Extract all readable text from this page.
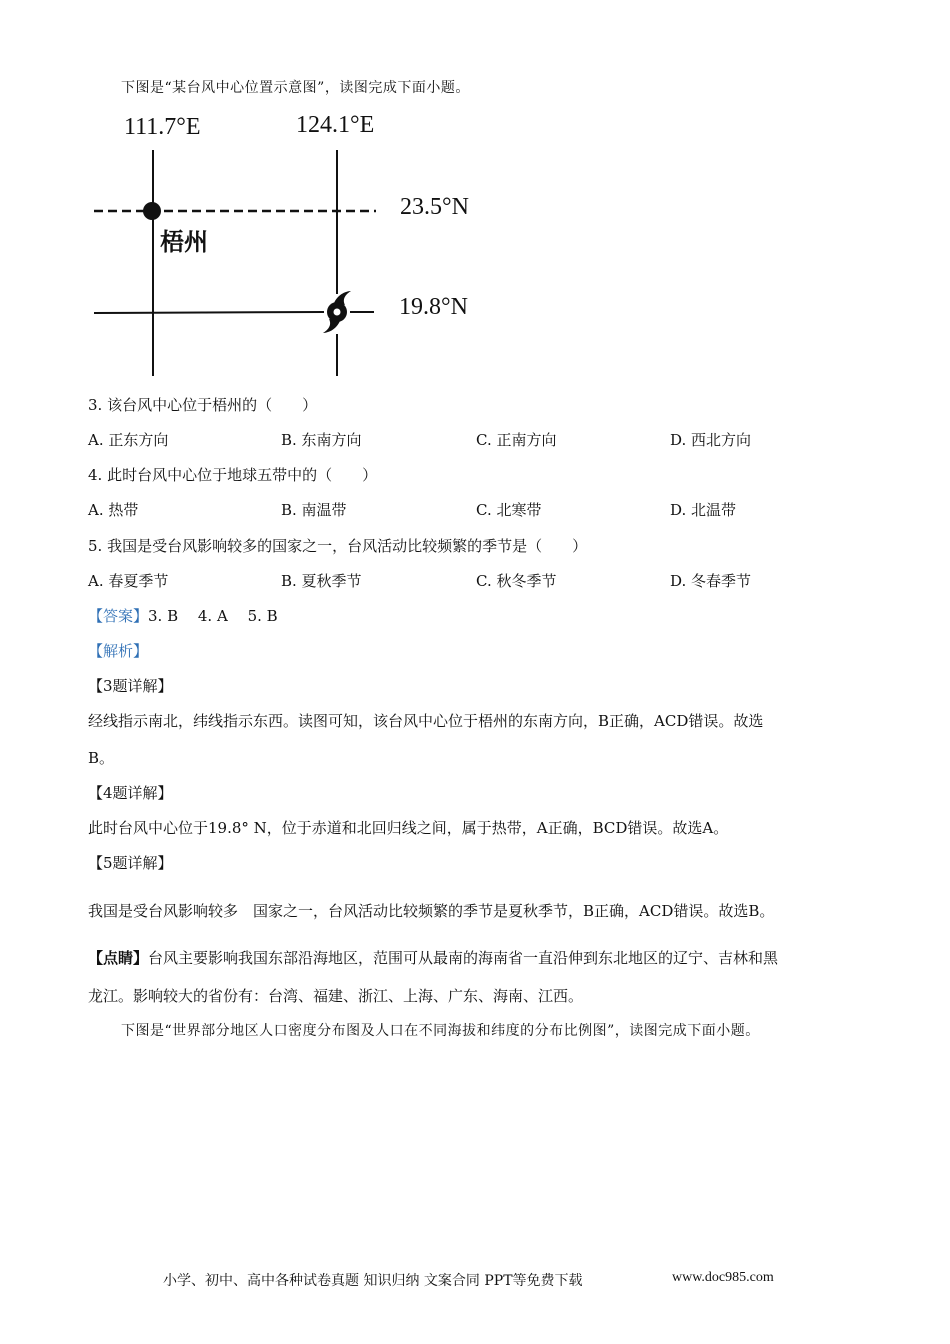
下图是“某台风中心位置示意图”，读图完成下面小题。
111.7°E	124.1°E
23.5°N
19.8°N
梧州
3. 该台风中心位于梧州的（　　）
A. 正东方向	B. 东南方向	C. 正南方向	D. 西北方向
4. 此时台风中心位于地球五带中的（　　）
A. 热带	B. 南温带	C. 北寒带	D. 北温带
5. 我国是受台风影响较多的国家之一，台风活动比较频繁的季节是（　　）
A. 春夏季节	B. 夏秋季节	C. 秋冬季节	D. 冬春季节
【答案】3. B　 4. A　 5. B
【解析】
【3题详解】
经线指示南北，纬线指示东西。读图可知，该台风中心位于梧州的东南方向，B正确，ACD错误。故选
B。
【4题详解】
此时台风中心位于19.8° N，位于赤道和北回归线之间，属于热带，A正确，BCD错误。故选A。
【5题详解】
我国是受台风影响较多　国家之一，台风活动比较频繁的季节是夏秋季节，B正确，ACD错误。故选B。
【点睛】台风主要影响我国东部沿海地区，范围可从最南的海南省一直沿伸到东北地区的辽宁、吉林和黑
龙江。影响较大的省份有：台湾、福建、浙江、上海、广东、海南、江西。
下图是“世界部分地区人口密度分布图及人口在不同海拔和纬度的分布比例图”，读图完成下面小题。
小学、初中、高中各种试卷真题 知识归纳 文案合同 PPT等免费下载	www.doc985.com
